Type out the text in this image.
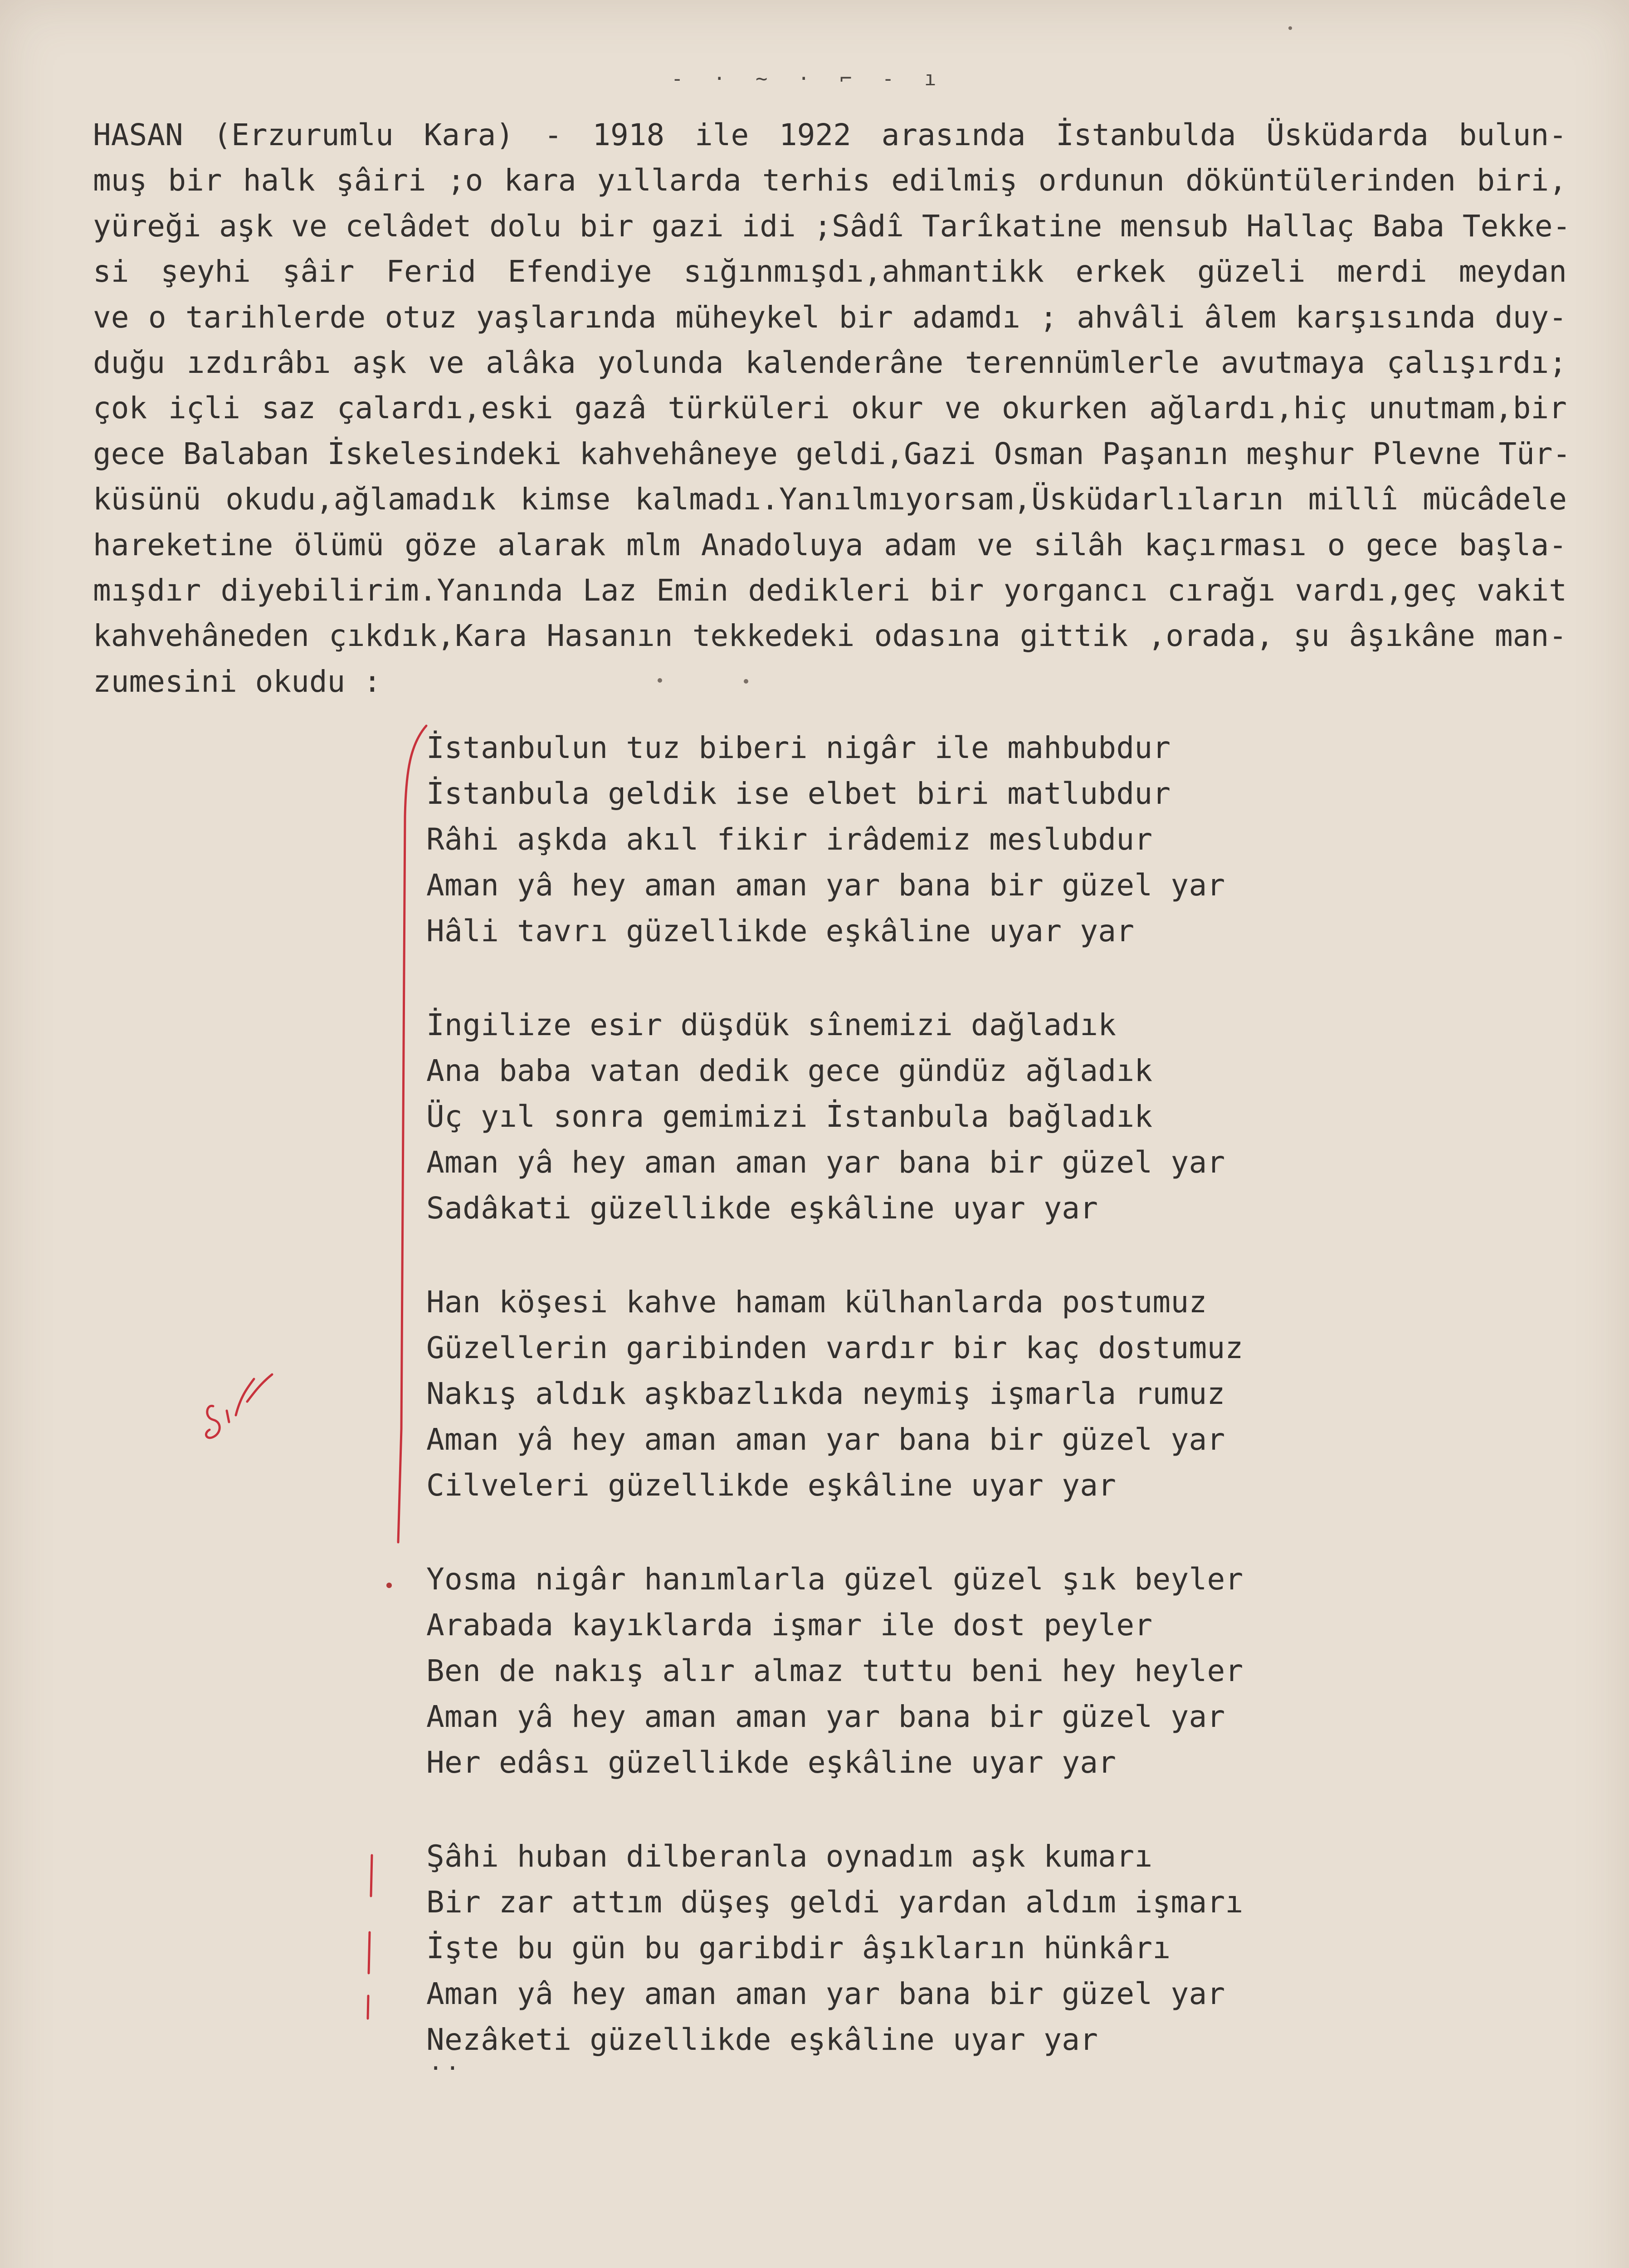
- · ~ · ⌐ - ı
HASAN (Erzurumlu Kara) - 1918 ile 1922 arasında İstanbulda Üsküdarda bulun-
muş bir halk şâiri ;o kara yıllarda terhis edilmiş ordunun döküntülerinden biri,
yüreği aşk ve celâdet dolu bir gazi idi ;Sâdî Tarîkatine mensub Hallaç Baba Tekke-
si şeyhi şâir Ferid Efendiye sığınmışdı,ahmantikk erkek güzeli merdi meydan
ve o tarihlerde otuz yaşlarında müheykel bir adamdı ; ahvâli âlem karşısında duy-
duğu ızdırâbı aşk ve alâka yolunda kalenderâne terennümlerle avutmaya çalışırdı;
çok içli saz çalardı,eski gazâ türküleri okur ve okurken ağlardı,hiç unutmam,bir
gece Balaban İskelesindeki kahvehâneye geldi,Gazi Osman Paşanın meşhur Plevne Tür-
küsünü okudu,ağlamadık kimse kalmadı.Yanılmıyorsam,Üsküdarlıların millî mücâdele
hareketine ölümü göze alarak mlm Anadoluya adam ve silâh kaçırması o gece başla-
mışdır diyebilirim.Yanında Laz Emin dedikleri bir yorgancı cırağı vardı,geç vakit
kahvehâneden çıkdık,Kara Hasanın tekkedeki odasına gittik ,orada, şu âşıkâne man-
zumesini okudu :
İstanbulun tuz biberi nigâr ile mahbubdur
İstanbula geldik ise elbet biri matlubdur
Râhi aşkda akıl fikir irâdemiz meslubdur
Aman yâ hey aman aman yar bana bir güzel yar
Hâli tavrı güzellikde eşkâline uyar yar
İngilize esir düşdük sînemizi dağladık
Ana baba vatan dedik gece gündüz ağladık
Üç yıl sonra gemimizi İstanbula bağladık
Aman yâ hey aman aman yar bana bir güzel yar
Sadâkati güzellikde eşkâline uyar yar
Han köşesi kahve hamam külhanlarda postumuz
Güzellerin garibinden vardır bir kaç dostumuz
Nakış aldık aşkbazlıkda neymiş işmarla rumuz
Aman yâ hey aman aman yar bana bir güzel yar
Cilveleri güzellikde eşkâline uyar yar
Yosma nigâr hanımlarla güzel güzel şık beyler
Arabada kayıklarda işmar ile dost peyler
Ben de nakış alır almaz tuttu beni hey heyler
Aman yâ hey aman aman yar bana bir güzel yar
Her edâsı güzellikde eşkâline uyar yar
Şâhi huban dilberanla oynadım aşk kumarı
Bir zar attım düşeş geldi yardan aldım işmarı
İşte bu gün bu garibdir âşıkların hünkârı
Aman yâ hey aman aman yar bana bir güzel yar
Nezâketi güzellikde eşkâline uyar yar
··
